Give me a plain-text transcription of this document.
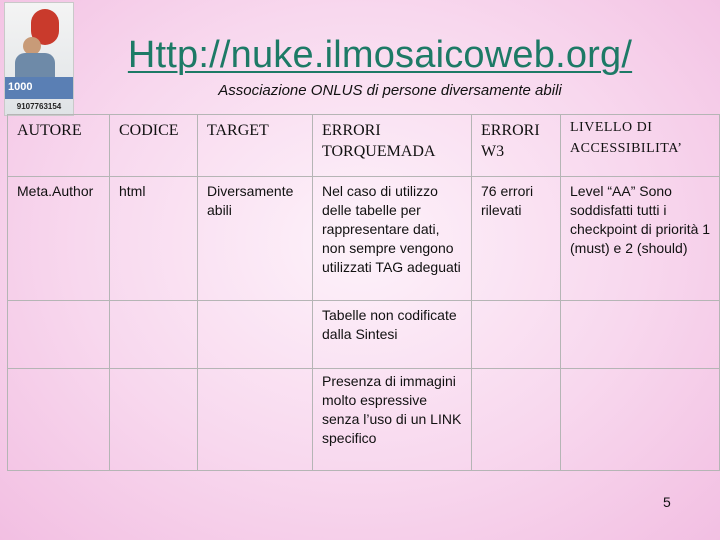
1000
9107763154
Http://nuke.ilmosaicoweb.org/
Associazione ONLUS di persone diversamente abili
AUTORE	CODICE	TARGET	ERRORI TORQUEMADA	ERRORI W3	LIVELLO DI ACCESSIBILITA’
Meta.Author	html	Diversamente abili	Nel caso di utilizzo delle tabelle per rappresentare dati, non sempre vengono utilizzati TAG adeguati	76 errori rilevati	Level “AA” Sono soddisfatti tutti i checkpoint di priorità 1 (must) e 2 (should)
			Tabelle non codificate dalla Sintesi		
			Presenza di immagini molto espressive senza l’uso di un LINK specifico		
5
